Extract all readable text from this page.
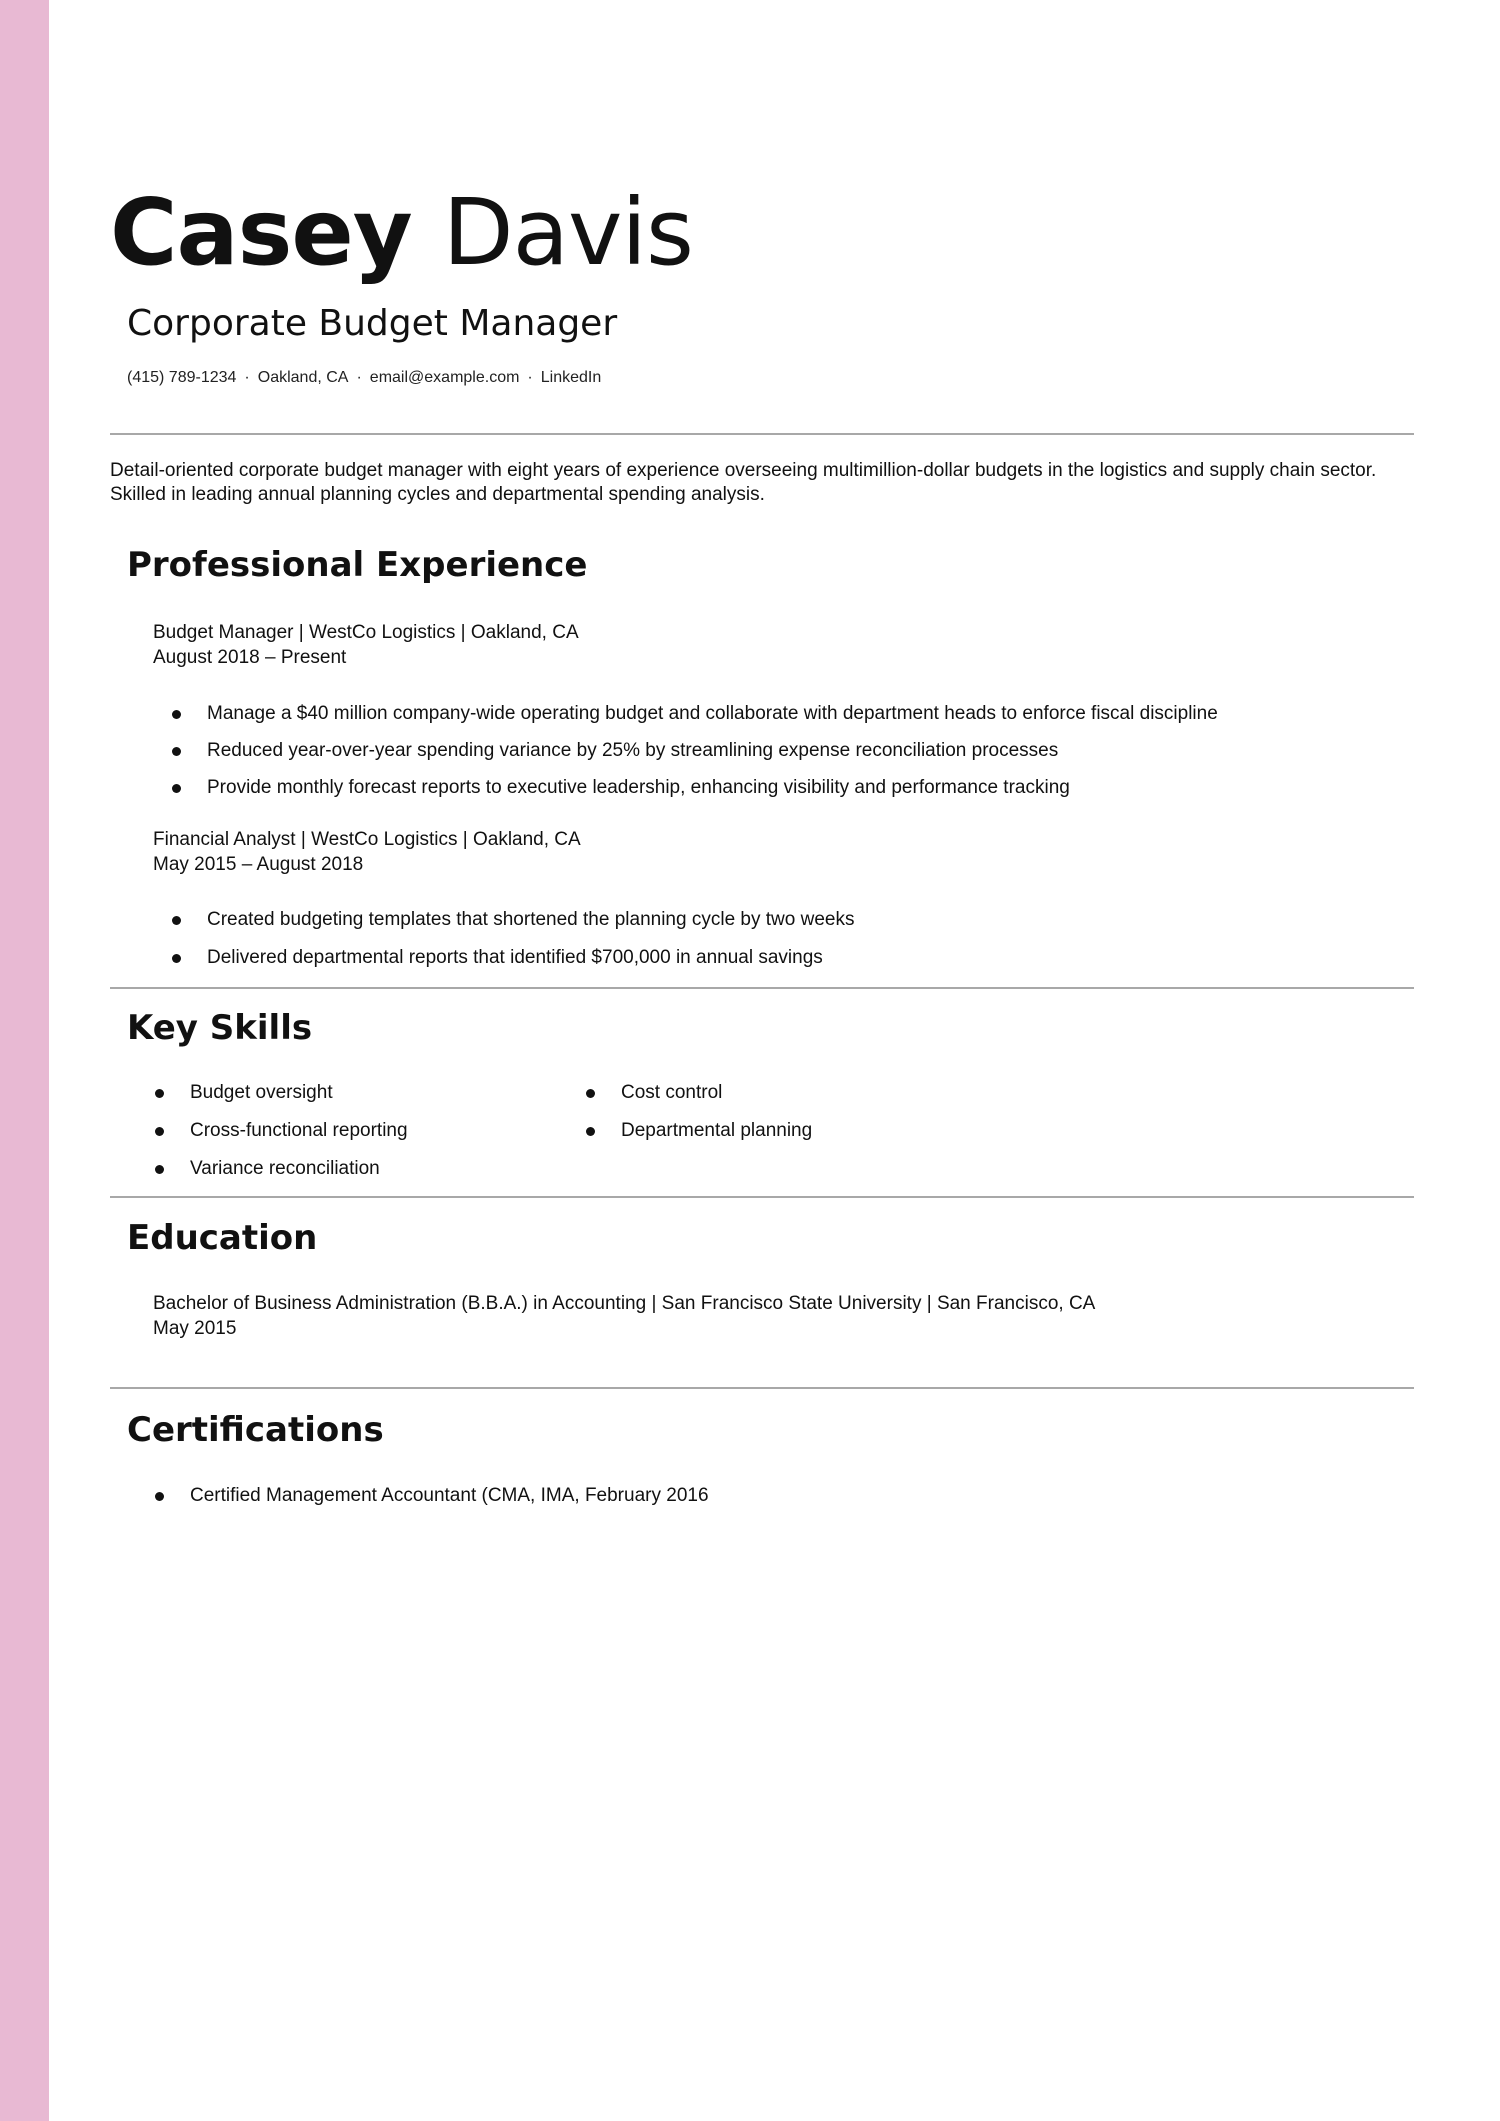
Casey Davis
Corporate Budget Manager
(415) 789-1234 · Oakland, CA · email@example.com · LinkedIn

Detail-oriented corporate budget manager with eight years of experience overseeing multimillion-dollar budgets in the logistics and supply chain sector. Skilled in leading annual planning cycles and departmental spending analysis.

Professional Experience
Budget Manager | WestCo Logistics | Oakland, CA
August 2018 – Present
Manage a $40 million company-wide operating budget and collaborate with department heads to enforce fiscal discipline
Reduced year-over-year spending variance by 25% by streamlining expense reconciliation processes
Provide monthly forecast reports to executive leadership, enhancing visibility and performance tracking
Financial Analyst | WestCo Logistics | Oakland, CA
May 2015 – August 2018
Created budgeting templates that shortened the planning cycle by two weeks
Delivered departmental reports that identified $700,000 in annual savings
Key Skills
Budget oversight
Cross-functional reporting
Variance reconciliation
Cost control
Departmental planning
Education
Bachelor of Business Administration (B.B.A.) in Accounting | San Francisco State University | San Francisco, CA
May 2015
Certifications
Certified Management Accountant (CMA, IMA, February 2016
